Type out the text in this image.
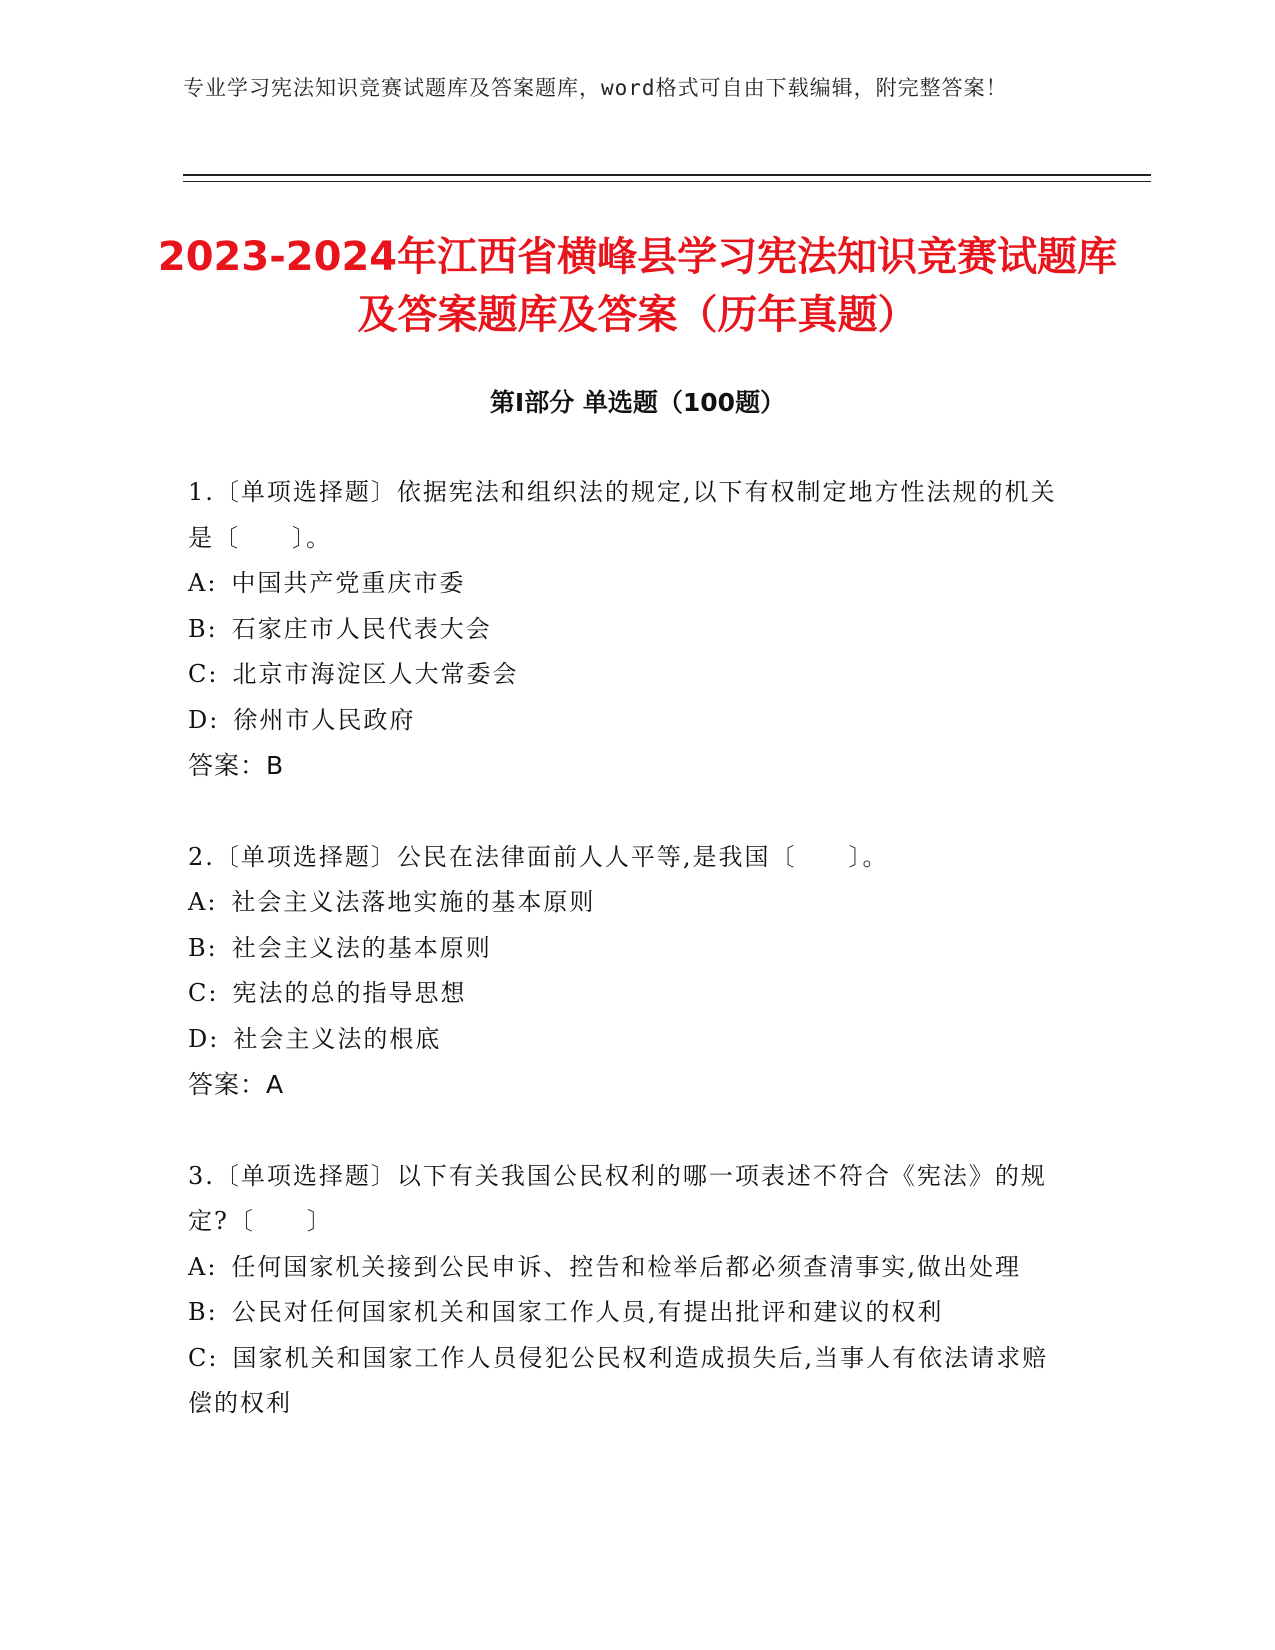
专业学习宪法知识竞赛试题库及答案题库，word格式可自由下载编辑，附完整答案！
2023-2024年江西省横峰县学习宪法知识竞赛试题库及答案题库及答案（历年真题）
第Ⅰ部分 单选题（100题）
1.〔单项选择题〕依据宪法和组织法的规定,以下有权制定地方性法规的机关是〔　　〕。
A: 中国共产党重庆市委
B: 石家庄市人民代表大会
C: 北京市海淀区人大常委会
D: 徐州市人民政府
答案：B
2.〔单项选择题〕公民在法律面前人人平等,是我国〔　　〕。
A: 社会主义法落地实施的基本原则
B: 社会主义法的基本原则
C: 宪法的总的指导思想
D: 社会主义法的根底
答案：A
3.〔单项选择题〕以下有关我国公民权利的哪一项表述不符合《宪法》的规定?〔　　〕
A: 任何国家机关接到公民申诉、控告和检举后都必须查清事实,做出处理
B: 公民对任何国家机关和国家工作人员,有提出批评和建议的权利
C: 国家机关和国家工作人员侵犯公民权利造成损失后,当事人有依法请求赔偿的权利
